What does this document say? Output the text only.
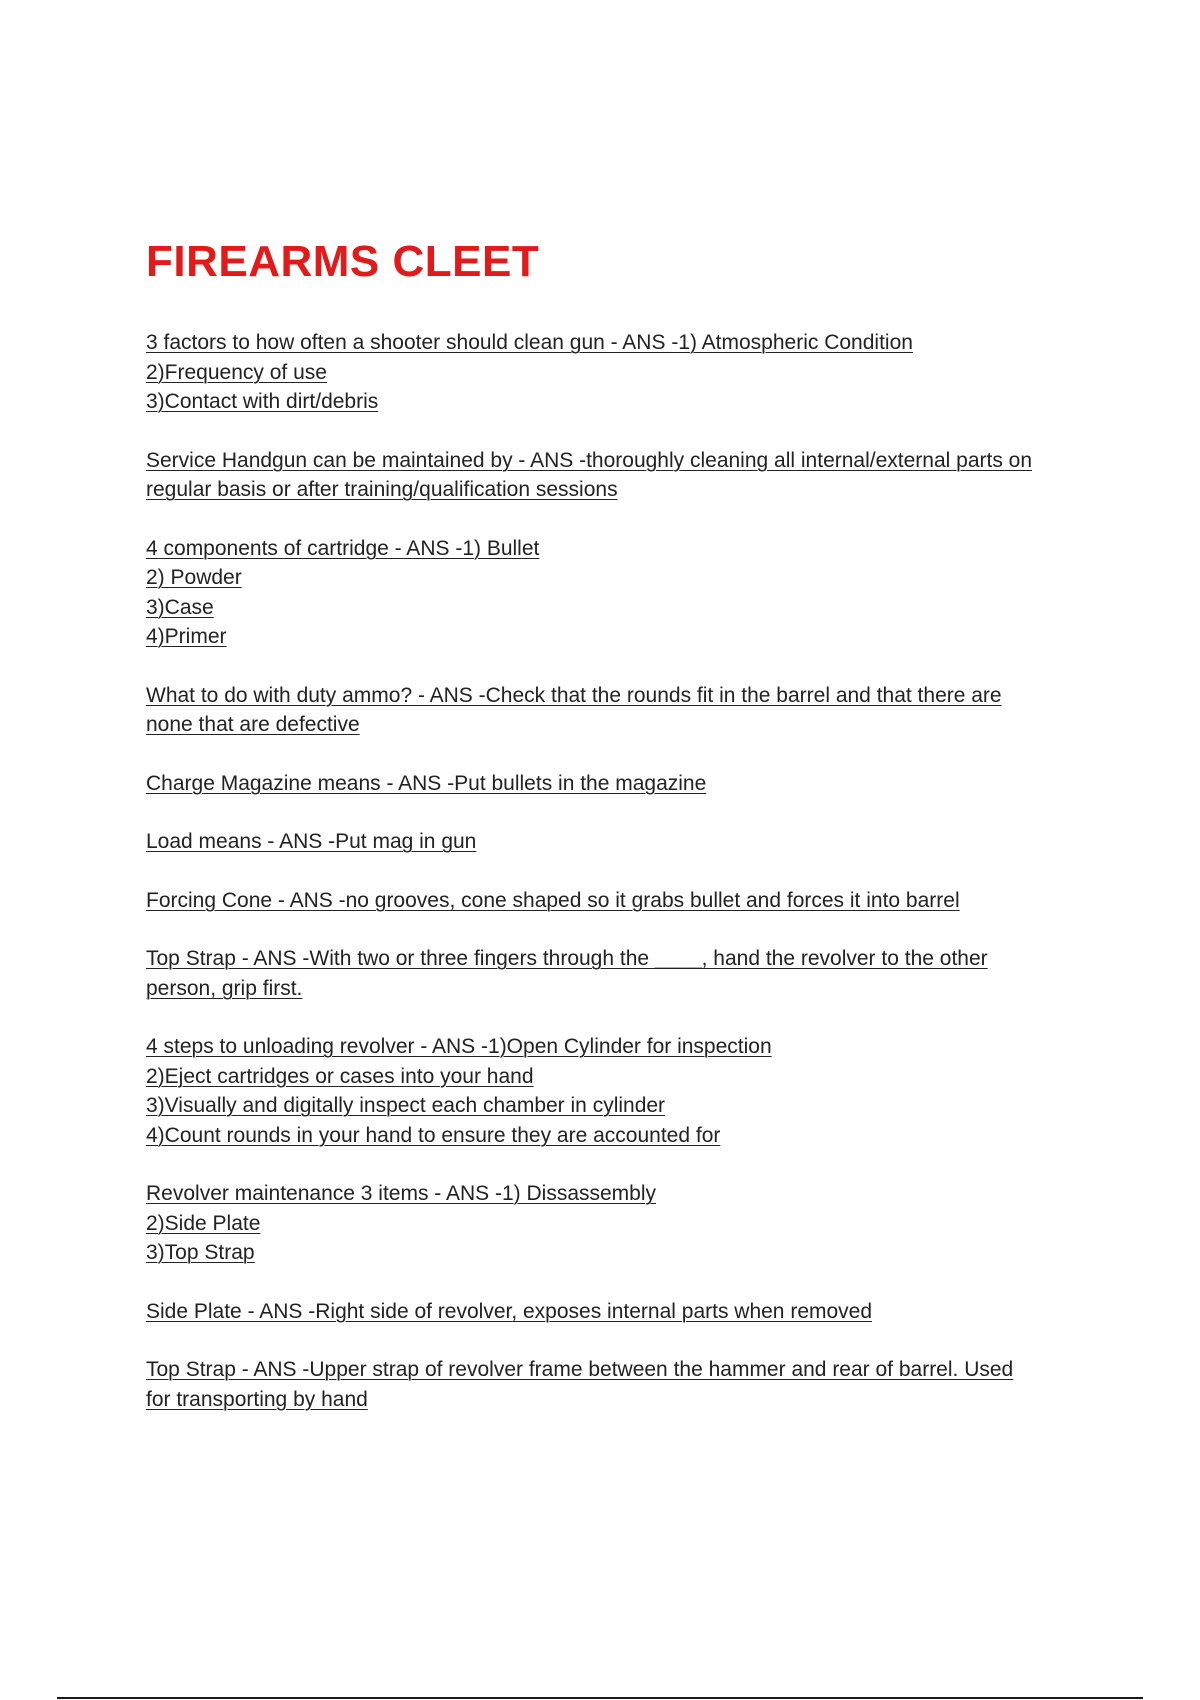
FIREARMS CLEET
3 factors to how often a shooter should clean gun - ANS -1) Atmospheric Condition
2)Frequency of use
3)Contact with dirt/debris
Service Handgun can be maintained by - ANS -thoroughly cleaning all internal/external parts on
regular basis or after training/qualification sessions
4 components of cartridge - ANS -1) Bullet
2) Powder
3)Case
4)Primer
What to do with duty ammo? - ANS -Check that the rounds fit in the barrel and that there are
none that are defective
Charge Magazine means - ANS -Put bullets in the magazine
Load means - ANS -Put mag in gun
Forcing Cone - ANS -no grooves, cone shaped so it grabs bullet and forces it into barrel
Top Strap - ANS -With two or three fingers through the ____, hand the revolver to the other
person, grip first.
4 steps to unloading revolver - ANS -1)Open Cylinder for inspection
2)Eject cartridges or cases into your hand
3)Visually and digitally inspect each chamber in cylinder
4)Count rounds in your hand to ensure they are accounted for
Revolver maintenance 3 items - ANS -1) Dissassembly
2)Side Plate
3)Top Strap
Side Plate - ANS -Right side of revolver, exposes internal parts when removed
Top Strap - ANS -Upper strap of revolver frame between the hammer and rear of barrel. Used
for transporting by hand
